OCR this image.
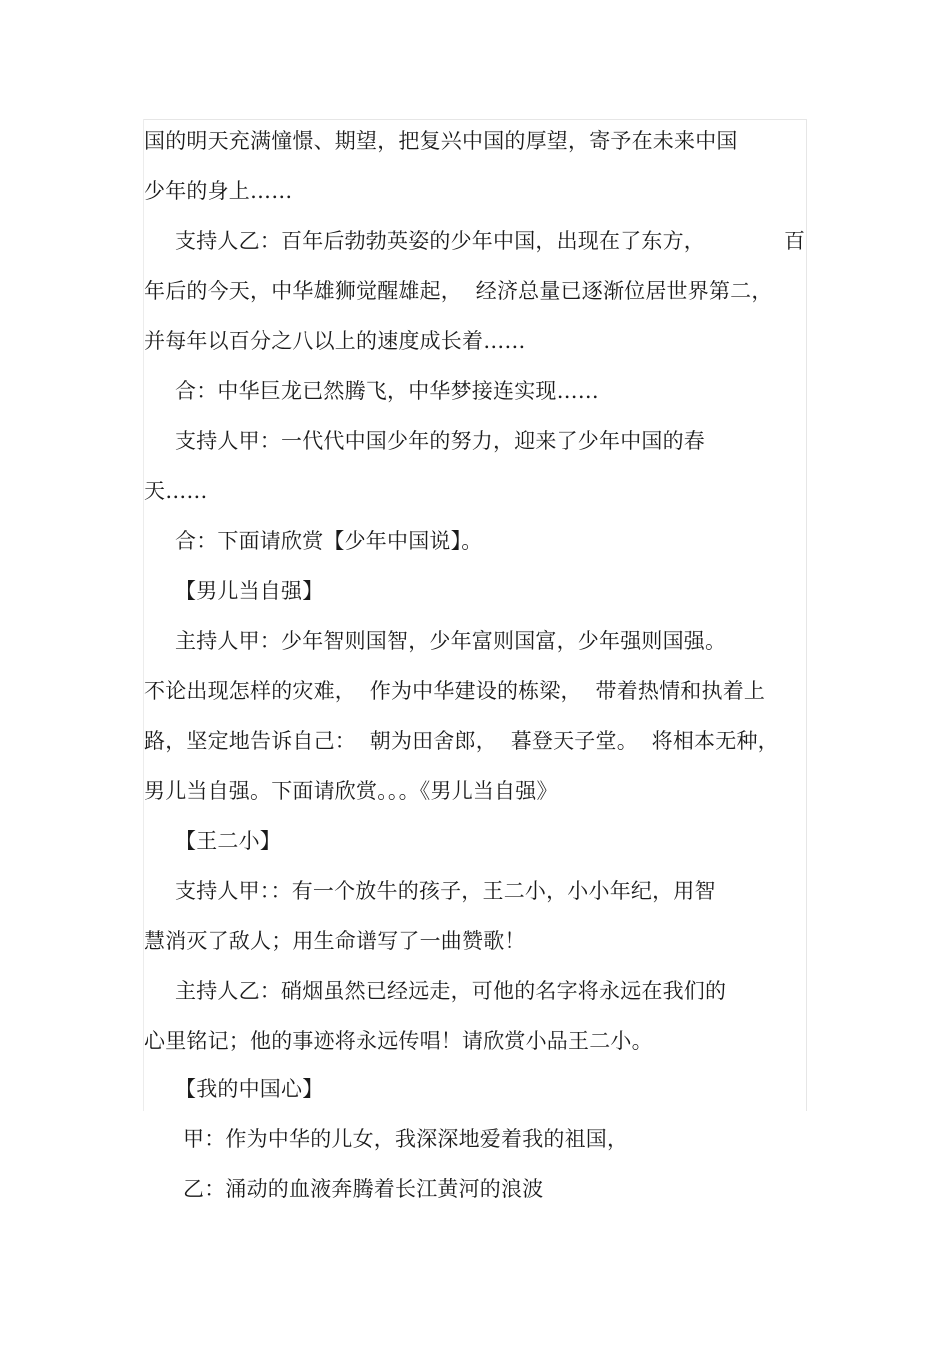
国的明天充满憧憬、期望，把复兴中国的厚望，寄予在未来中国
少年的身上……
支持人乙：百年后勃勃英姿的少年中国，出现在了东方，	百
年后的今天，中华雄狮觉醒雄起，  经济总量已逐渐位居世界第二，
并每年以百分之八以上的速度成长着……
合：中华巨龙已然腾飞，中华梦接连实现……
支持人甲：一代代中国少年的努力，迎来了少年中国的春
天……
合：下面请欣赏【少年中国说】。
【男儿当自强】
主持人甲：少年智则国智，少年富则国富，少年强则国强。
不论出现怎样的灾难，  作为中华建设的栋梁，  带着热情和执着上
路，坚定地告诉自己：  朝为田舍郎，  暮登天子堂。  将相本无种，
男儿当自强。下面请欣赏。。。《男儿当自强》
【王二小】
支持人甲：：有一个放牛的孩子，王二小，小小年纪，用智
慧消灭了敌人；用生命谱写了一曲赞歌！
主持人乙：硝烟虽然已经远走，可他的名字将永远在我们的
心里铭记；他的事迹将永远传唱！请欣赏小品王二小。
【我的中国心】
甲：作为中华的儿女，我深深地爱着我的祖国，
乙：涌动的血液奔腾着长江黄河的浪波
